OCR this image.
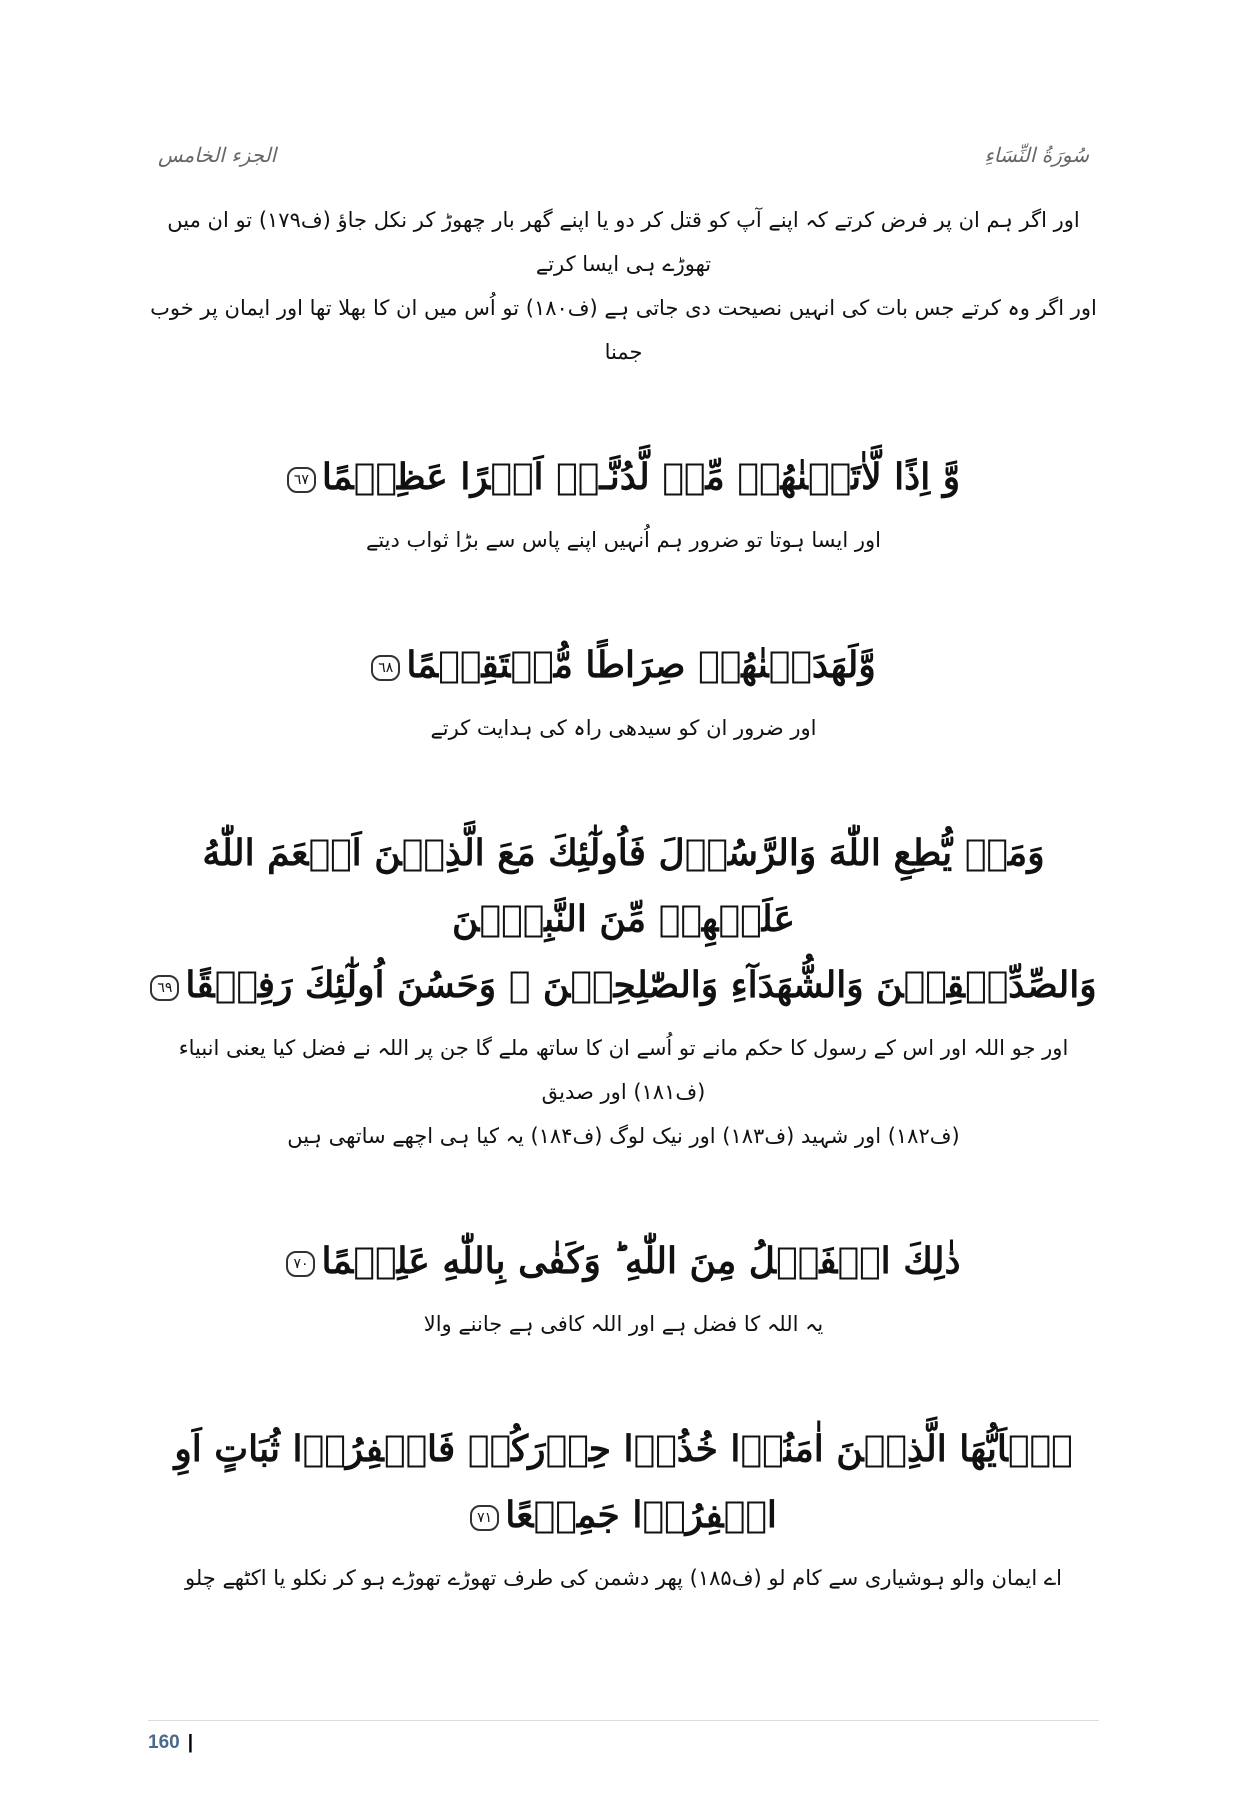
الجزء الخامس	سُورَةُ النِّسَاءِ
اور اگر ہم ان پر فرض کرتے کہ اپنے آپ کو قتل کر دو یا اپنے گھر بار چھوڑ کر نکل جاؤ (ف۱۷۹) تو ان میں تھوڑے ہی ایسا کرتے
اور اگر وہ کرتے جس بات کی انہیں نصیحت دی جاتی ہے (ف۱۸۰) تو اُس میں ان کا بھلا تھا اور ایمان پر خوب جمنا
وَّ اِذًا لَّاٰتَیۡنٰهُمۡ مِّنۡ لَّدُنَّـاۤ اَجۡرًا عَظِیۡمًا٦٧
اور ایسا ہوتا تو ضرور ہم اُنہیں اپنے پاس سے بڑا ثواب دیتے
وَّلَهَدَیۡنٰهُمۡ صِرَاطًا مُّسۡتَقِیۡمًا٦٨
اور ضرور ان کو سیدھی راہ کی ہدایت کرتے
وَمَنۡ یُّطِعِ اللّٰهَ وَالرَّسُوۡلَ فَاُولٰٓئِكَ مَعَ الَّذِیۡنَ اَنۡعَمَ اللّٰهُ عَلَیۡهِمۡ مِّنَ النَّبِیّٖنَ
وَالصِّدِّیۡقِیۡنَ وَالشُّهَدَآءِ وَالصّٰلِحِیۡنَ ۚ وَحَسُنَ اُولٰٓئِكَ رَفِیۡقًا٦٩
اور جو اللہ اور اس کے رسول کا حکم مانے تو اُسے ان کا ساتھ ملے گا جن پر اللہ نے فضل کیا یعنی انبیاء (ف۱۸۱) اور صدیق
(ف۱۸۲) اور شہید (ف۱۸۳) اور نیک لوگ (ف۱۸۴) یہ کیا ہی اچھے ساتھی ہیں
ذٰلِكَ الۡفَضۡلُ مِنَ اللّٰهِ ؕ وَكَفٰی بِاللّٰهِ عَلِیۡمًا٧٠
یہ اللہ کا فضل ہے اور اللہ کافی ہے جاننے والا
یٰۤاَیُّهَا الَّذِیۡنَ اٰمَنُوۡا خُذُوۡا حِذۡرَكُمۡ فَانۡفِرُوۡا ثُبَاتٍ اَوِ انۡفِرُوۡا جَمِیۡعًا٧١
اے ایمان والو ہوشیاری سے کام لو (ف۱۸۵) پھر دشمن کی طرف تھوڑے تھوڑے ہو کر نکلو یا اکٹھے چلو
160 |
